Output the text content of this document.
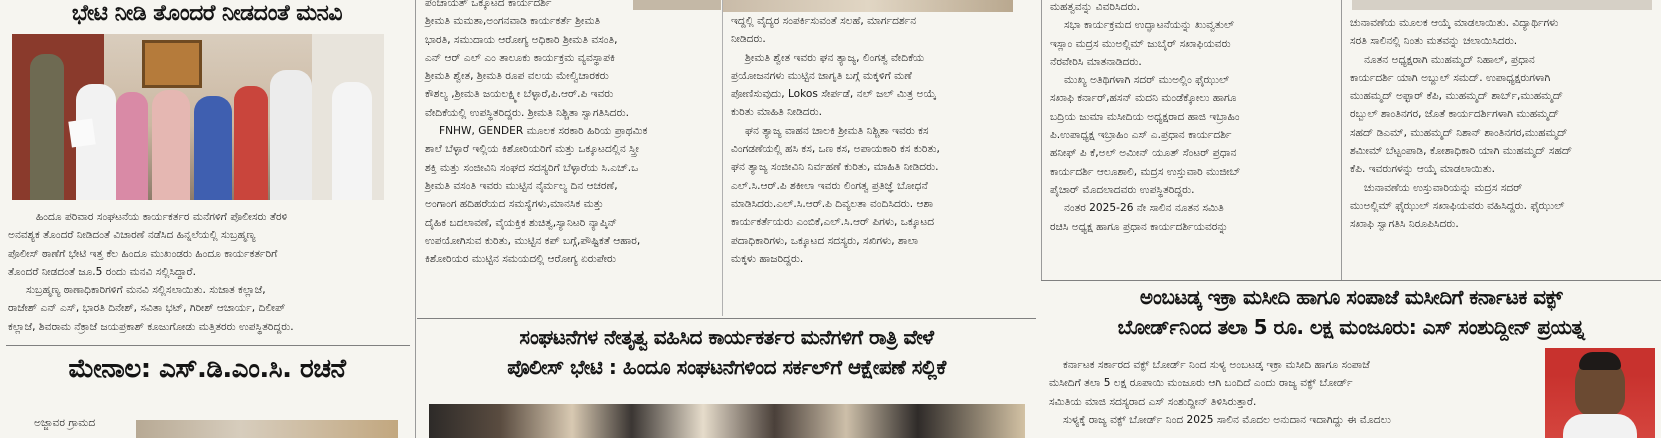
ಭೇಟಿ ನೀಡಿ ತೊಂದರೆ ನೀಡದಂತೆ ಮನವಿ
ಹಿಂದೂ ಪರಿವಾರ ಸಂಘಟನೆಯ ಕಾರ್ಯಕರ್ತರ ಮನೆಗಳಿಗೆ ಪೊಲೀಸರು ತೆರಳಿ
ಅನವಶ್ಯಕ ತೊಂದರೆ ನೀಡಿದಂತೆ ವಿಚಾರಣೆ ನಡೆಸಿದ ಹಿನ್ನಲೆಯಲ್ಲಿ ಸುಬ್ರಹ್ಮಣ್ಯ
ಪೊಲೀಸ್ ಠಾಣೆಗೆ ಭೇಟಿ ಇತ್ತ ಕೆಲ ಹಿಂದೂ ಮುಖಂಡರು ಹಿಂದೂ ಕಾರ್ಯಕರ್ತರಿಗೆ
ತೊಂದರೆ ನೀಡದಂತೆ ಜೂ.5 ರಂದು ಮನವಿ ಸಲ್ಲಿಸಿದ್ದಾರೆ.
ಸುಬ್ರಹ್ಮಣ್ಯ ಠಾಣಾಧಿಕಾರಿಗಳಿಗೆ ಮನವಿ ಸಲ್ಲಿಸಲಾಯಿತು. ಸುಜಾತ ಕಲ್ಲಾಜೆ,
ರಾಜೇಶ್ ಎನ್ ಎಸ್, ಭಾರತಿ ದಿನೇಶ್, ಸವಿತಾ ಭಟ್, ಗಿರೀಶ್ ಆಚಾರ್ಯ, ದಿಲೀಪ್
ಕಲ್ಲಾಜೆ, ಶಿವರಾಮ ನೆಕ್ರಾಜೆ ಜಯಪ್ರಕಾಶ್ ಕೂಜುಗೋಡು ಮತ್ತಿತರರು ಉಪಸ್ಥಿತರಿದ್ದರು.
ಮೇನಾಲ: ಎಸ್.ಡಿ.ಎಂ.ಸಿ. ರಚನೆ
ಅಜ್ಜಾವರ ಗ್ರಾಮದ
ಪಂಚಾಯತ್ ಒಕ್ಕೂಟದ ಕಾರ್ಯದರ್ಶಿ
ಶ್ರೀಮತಿ ಮಮತಾ,ಅಂಗನವಾಡಿ ಕಾರ್ಯಕರ್ತೆ ಶ್ರೀಮತಿ
ಭಾರತಿ, ಸಮುದಾಯ ಆರೋಗ್ಯ ಅಧಿಕಾರಿ ಶ್ರೀಮತಿ ವಸಂತಿ,
ಎನ್ ಆರ್ ಎಲ್ ಎಂ ತಾಲೂಕು ಕಾರ್ಯಕ್ರಮ ವ್ಯವಸ್ಥಾಪಕಿ
ಶ್ರೀಮತಿ ಶ್ವೇತ, ಶ್ರೀಮತಿ ರೂಪ ವಲಯ ಮೇಲ್ವಿಚಾರಕರು
ಕೌಶಲ್ಯ ,ಶ್ರೀಮತಿ ಜಯಲಕ್ಷ್ಮೀ ಬೆಳ್ಳಾರೆ,ಪಿ.ಆರ್.ಪಿ ಇವರು
ವೇದಿಕೆಯಲ್ಲಿ ಉಪಸ್ಥಿತರಿದ್ದರು. ಶ್ರೀಮತಿ ನಿಶ್ಚಿತಾ ಸ್ವಾಗತಿಸಿದರು.
FNHW, GENDER ಮೂಲಕ ಸರಕಾರಿ ಹಿರಿಯ ಪ್ರಾಥಮಿಕ
ಶಾಲೆ ಬೆಳ್ಳಾರೆ ಇಲ್ಲಿಯ ಕಿಶೋರಿಯರಿಗೆ ಮತ್ತು ಒಕ್ಕೂಟದಲ್ಲಿನ ಸ್ತ್ರೀ
ಶಕ್ತಿ ಮತ್ತು ಸಂಜೀವಿನಿ ಸಂಘದ ಸದಸ್ಯರಿಗೆ ಬೆಳ್ಳಾರೆಯ ಸಿ.ಎಚ್.ಒ
ಶ್ರೀಮತಿ ವಸಂತಿ ಇವರು ಮುಟ್ಟಿನ ನೈರ್ಮಲ್ಯ ದಿನ ಆಚರಣೆ,
ಅಂಗಾಂಗ ಹದಿಹರೆಯದ ಸಮಸ್ಯೆಗಳು,ಮಾನಸಿಕ ಮತ್ತು
ದೈಹಿಕ ಬದಲಾವಣೆ, ವೈಯಕ್ತಿಕ ಶುಚಿತ್ವ,ಸ್ಯಾನಿಟರಿ ನ್ಯಾಪ್ಕಿನ್
ಉಪಯೋಗಿಸುವ ಕುರಿತು, ಮುಟ್ಟಿನ ಕಪ್ ಬಗ್ಗೆ,ಪೌಷ್ಟಿಕತೆ ಆಹಾರ,
ಕಿಶೋರಿಯರ ಮುಟ್ಟಿನ ಸಮಯದಲ್ಲಿ ಆರೋಗ್ಯ ಏರುಪೇರು
ಇದ್ದಲ್ಲಿ ವೈದ್ಯರ ಸಂಪರ್ಕಿಸುವಂತೆ ಸಲಹೆ, ಮಾರ್ಗದರ್ಶನ
ನೀಡಿದರು.
ಶ್ರೀಮತಿ ಶ್ವೇತ ಇವರು ಘನ ತ್ಯಾಜ್ಯ, ಲಿಂಗತ್ವ ವೇದಿಕೆಯ
ಪ್ರಯೋಜನಗಳು ಮುಟ್ಟಿನ ಜಾಗೃತಿ ಬಗ್ಗೆ ಮಕ್ಕಳಿಗೆ ಮಣೆ
ಪೋಣಿಸುವುದು, Lokos ಸೇರ್ಪಡೆ, ನಲ್ ಜಲ್ ಮಿತ್ರ ಅಯ್ಕೆ
ಕುರಿತು ಮಾಹಿತಿ ನೀಡಿದರು.
ಘನ ತ್ಯಾಜ್ಯ ವಾಹನ ಚಾಲಕಿ ಶ್ರೀಮತಿ ನಿಶ್ಚಿತಾ ಇವರು ಕಸ
ವಿಂಗಡಣೆಯಲ್ಲಿ ಹಸಿ ಕಸ, ಒಣ ಕಸ, ಅಪಾಯಕಾರಿ ಕಸ ಕುರಿತು,
ಘನ ತ್ಯಾಜ್ಯ ಸಂಜೀವಿನಿ ನಿರ್ವಹಣೆ ಕುರಿತು, ಮಾಹಿತಿ ನೀಡಿದರು.
ಎಲ್.ಸಿ.ಆರ್.ಪಿ ಶಕೀಲಾ ಇವರು ಲಿಂಗತ್ವ ಪ್ರತಿಜ್ಞೆ ಬೋಧನೆ
ಮಾಡಿಸಿದರು.ಎಲ್.ಸಿ.ಆರ್.ಪಿ ದಿವ್ಯಲತಾ ವಂದಿಸಿದರು. ಆಶಾ
ಕಾರ್ಯಕರ್ತೆಯರು ಎಂಬಿಕೆ,ಎಲ್.ಸಿ.ಆರ್ ಪಿಗಳು, ಒಕ್ಕೂಟದ
ಪದಾಧಿಕಾರಿಗಳು, ಒಕ್ಕೂಟದ ಸದಸ್ಯರು, ಸಖಿಗಳು, ಶಾಲಾ
ಮಕ್ಕಳು ಹಾಜರಿದ್ದರು.
ಸಂಘಟನೆಗಳ ನೇತೃತ್ವ ವಹಿಸಿದ ಕಾರ್ಯಕರ್ತರ ಮನೆಗಳಿಗೆ ರಾತ್ರಿ ವೇಳೆ
ಪೊಲೀಸ್ ಭೇಟಿ : ಹಿಂದೂ ಸಂಘಟನೆಗಳಿಂದ ಸರ್ಕಲ್‌ಗೆ ಆಕ್ಷೇಪಣೆ ಸಲ್ಲಿಕೆ
ಮಹತ್ವವನ್ನು ವಿವರಿಸಿದರು.
ಸಭಾ ಕಾರ್ಯಕ್ರಮದ ಉದ್ಘಾಟನೆಯನ್ನು ಖುವ್ವತುಲ್
ಇಸ್ಲಾಂ ಮದ್ರಸ ಮುಅಲ್ಲಿಮ್ ಜುಬೈರ್ ಸಖಾಫಿಯವರು
ನೆರವೇರಿಸಿ ಮಾತನಾಡಿದರು.
ಮುಖ್ಯ ಅತಿಥಿಗಳಾಗಿ ಸದರ್ ಮುಅಲ್ಲಿಂ ಫೈಝುಲ್
ಸಖಾಫಿ ಕರ್ನಾರ್,ಹಸನ್ ಮದನಿ ಮಂಡೆಕ್ಕೋಲು ಹಾಗೂ
ಬದ್ರಿಯ ಜುಮಾ ಮಸೀದಿಯ ಅಧ್ಯಕ್ಷರಾದ ಹಾಜಿ ಇಬ್ರಾಹಿಂ
ಪಿ.ಉಪಾಧ್ಯಕ್ಷ ಇಬ್ರಾಹಿಂ ಎಸ್ ಎ.ಪ್ರಧಾನ ಕಾರ್ಯದರ್ಶಿ
ಹನೀಫ್ ಪಿ ಕೆ,ಅಲ್ ಅಮೀನ್ ಯೂತ್ ಸೆಂಟರ್ ಪ್ರಧಾನ
ಕಾರ್ಯದರ್ಶಿ ಆಲೂಶಾಲಿ, ಮದ್ರಸ ಉಸ್ತುವಾರಿ ಮುಜೀಬ್
ಪೈಚಾರ್ ಮೊದಲಾದವರು ಉಪಸ್ಥಿತರಿದ್ದರು.
ನಂತರ 2025-26 ನೇ ಸಾಲಿನ ನೂತನ ಸಮಿತಿ
ರಚಿಸಿ ಅಧ್ಯಕ್ಷ ಹಾಗೂ ಪ್ರಧಾನ ಕಾರ್ಯದರ್ಶಿಯವರನ್ನು
ಚುನಾವಣೆಯ ಮೂಲಕ ಆಯ್ಕೆ ಮಾಡಲಾಯಿತು. ವಿದ್ಯಾರ್ಥಿಗಳು
ಸರತಿ ಸಾಲಿನಲ್ಲಿ ನಿಂತು ಮತವನ್ನು ಚಲಾಯಿಸಿದರು.
ನೂತನ ಅಧ್ಯಕ್ಷರಾಗಿ ಮುಹಮ್ಮದ್ ನಿಹಾಲ್, ಪ್ರಧಾನ
ಕಾರ್ಯದರ್ಶಿ ಯಾಗಿ ಅಬ್ದುಲ್ ಸಮದ್. ಉಪಾಧ್ಯಕ್ಷರುಗಳಾಗಿ
ಮುಹಮ್ಮದ್ ಅಫ್ಫಾರ್ ಕೆಪಿ, ಮುಹಮ್ಮದ್ ಶಾರ್ಬ್,ಮುಹಮ್ಮದ್
ರಬ್ಬುಲ್ ಶಾಂತಿನಗರ, ಜೊತೆ ಕಾರ್ಯದರ್ಶಿಗಳಾಗಿ ಮುಹಮ್ಮದ್
ಸಹದ್ ಡಿಎಮ್, ಮುಹಮ್ಮದ್ ನಿಶಾನ್ ಶಾಂತಿನಗರ,ಮುಹಮ್ಮದ್
ಶಮೀಮ್ ಬೆಟ್ಟಂಪಾಡಿ, ಕೋಶಾಧಿಕಾರಿ ಯಾಗಿ ಮುಹಮ್ಮದ್ ಸಹದ್
ಕೆಪಿ. ಇವರುಗಳನ್ನು ಆಯ್ಕೆ ಮಾಡಲಾಯಿತು.
ಚುನಾವಣೆಯ ಉಸ್ತುವಾರಿಯನ್ನು ಮದ್ರಸ ಸದರ್
ಮುಅಲ್ಲಿಮ್ ಫೈಝುಲ್ ಸಖಾಫಿಯವರು ವಹಿಸಿದ್ದರು. ಫೈಝುಲ್
ಸಖಾಫಿ ಸ್ವಾಗತಿಸಿ ನಿರೂಪಿಸಿದರು.
ಅಂಬಟಡ್ಕ ಇಕ್ರಾ ಮಸೀದಿ ಹಾಗೂ ಸಂಪಾಜೆ ಮಸೀದಿಗೆ ಕರ್ನಾಟಕ ವಕ್ಫ್
ಬೋರ್ಡ್‌ನಿಂದ ತಲಾ 5 ರೂ. ಲಕ್ಷ ಮಂಜೂರು: ಎಸ್ ಸಂಶುದ್ದೀನ್ ಪ್ರಯತ್ನ
ಕರ್ನಾಟಕ ಸರ್ಕಾರದ ವಕ್ಫ್ ಬೋರ್ಡ್ ನಿಂದ ಸುಳ್ಯ ಅಂಬಟಡ್ಕ ಇಕ್ರಾ ಮಸೀದಿ ಹಾಗೂ ಸಂಪಾಜೆ
ಮಸೀದಿಗೆ ತಲಾ 5 ಲಕ್ಷ ರೂಪಾಯಿ ಮಂಜೂರು ಆಗಿ ಬಂದಿದೆ ಎಂದು ರಾಜ್ಯ ವಕ್ಫ್ ಬೋರ್ಡ್
ಸಮಿತಿಯ ಮಾಜಿ ಸದಸ್ಯರಾದ ಎಸ್ ಸಂಶುದ್ದೀನ್ ತಿಳಿಸಿರುತ್ತಾರೆ.
ಸುಳ್ಯಕ್ಕೆ ರಾಜ್ಯ ವಕ್ಫ್ ಬೋರ್ಡ್ ನಿಂದ 2025 ಸಾಲಿನ ಮೊದಲ ಅನುದಾನ ಇದಾಗಿದ್ದು ಈ ಮೊದಲು
